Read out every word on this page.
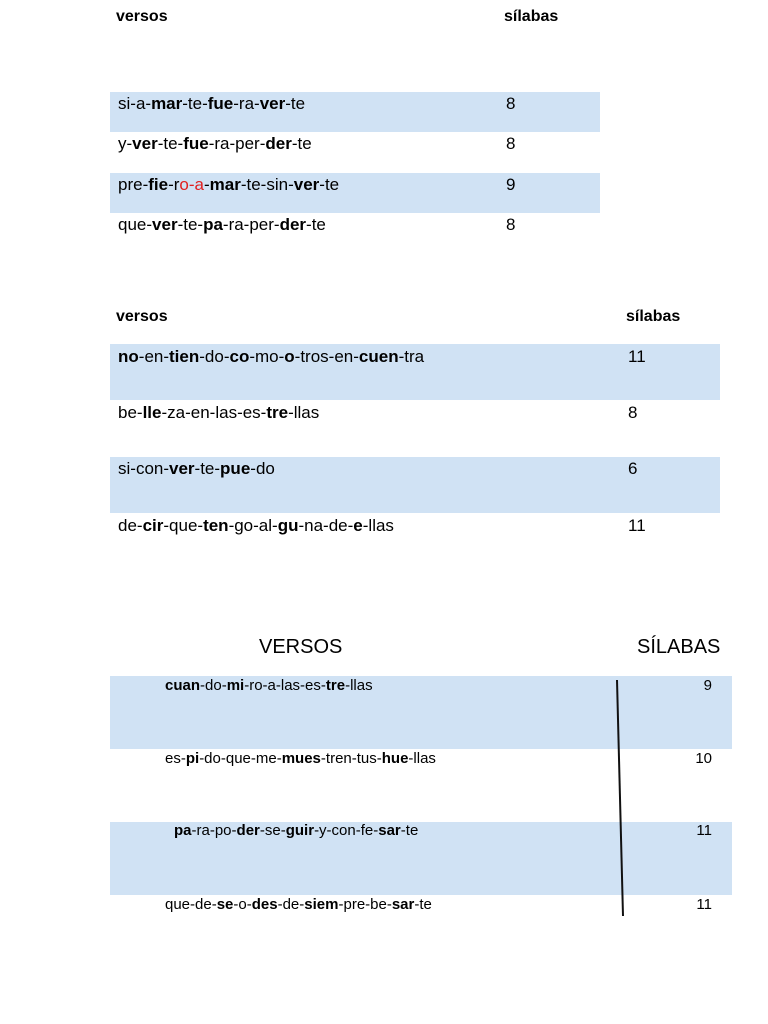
versos	sílabas
si-a-mar-te-fue-ra-ver-te	8
y-ver-te-fue-ra-per-der-te	8
pre-fie-ro-a-mar-te-sin-ver-te	9
que-ver-te-pa-ra-per-der-te	8
versos	sílabas
no-en-tien-do-co-mo-o-tros-en-cuen-tra	11
be-lle-za-en-las-es-tre-llas	8
si-con-ver-te-pue-do	6
de-cir-que-ten-go-al-gu-na-de-e-llas	11
VERSOS	SÍLABAS
cuan-do-mi-ro-a-las-es-tre-llas	9
es-pi-do-que-me-mues-tren-tus-hue-llas	10
pa-ra-po-der-se-guir-y-con-fe-sar-te	11
que-de-se-o-des-de-siem-pre-be-sar-te	11
